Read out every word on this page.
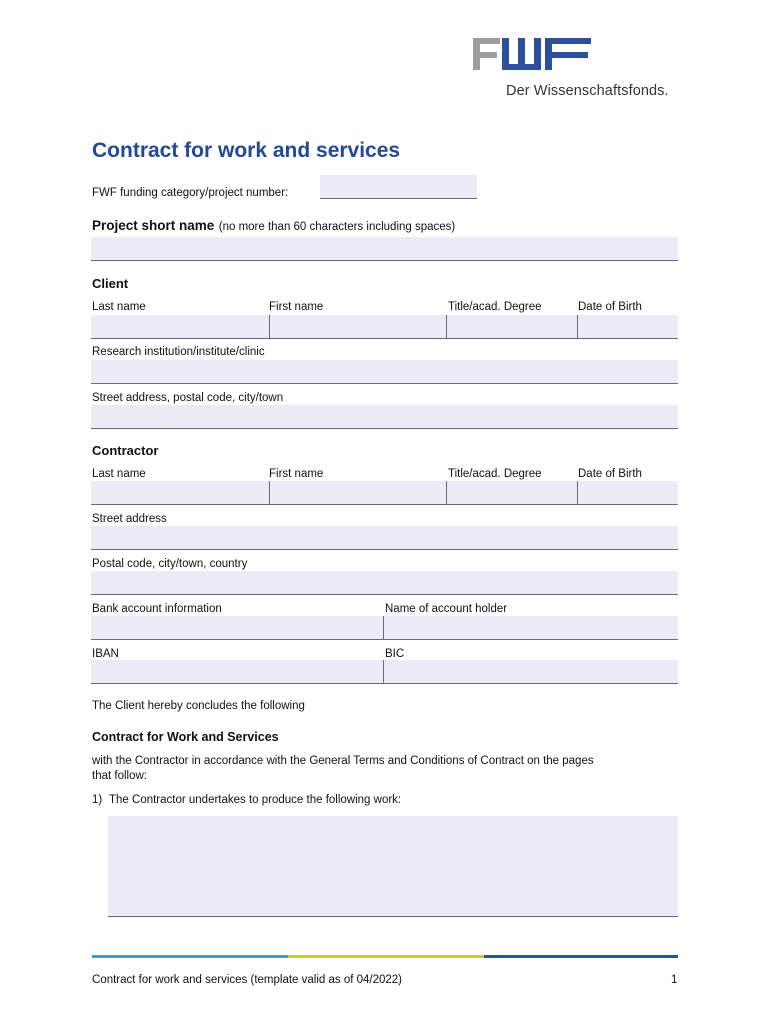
Der Wissenschaftsfonds.
Contract for work and services
FWF funding category/project number:
Project short name (no more than 60 characters including spaces)
Client
Last name	First name	Title/acad. Degree	Date of Birth
Research institution/institute/clinic
Street address, postal code, city/town
Contractor
Last name	First name	Title/acad. Degree	Date of Birth
Street address
Postal code, city/town, country
Bank account information	Name of account holder
IBAN	BIC
The Client hereby concludes the following
Contract for Work and Services
with the Contractor in accordance with the General Terms and Conditions of Contract on the pages
that follow:
1) The Contractor undertakes to produce the following work:
Contract for work and services (template valid as of 04/2022)	1
